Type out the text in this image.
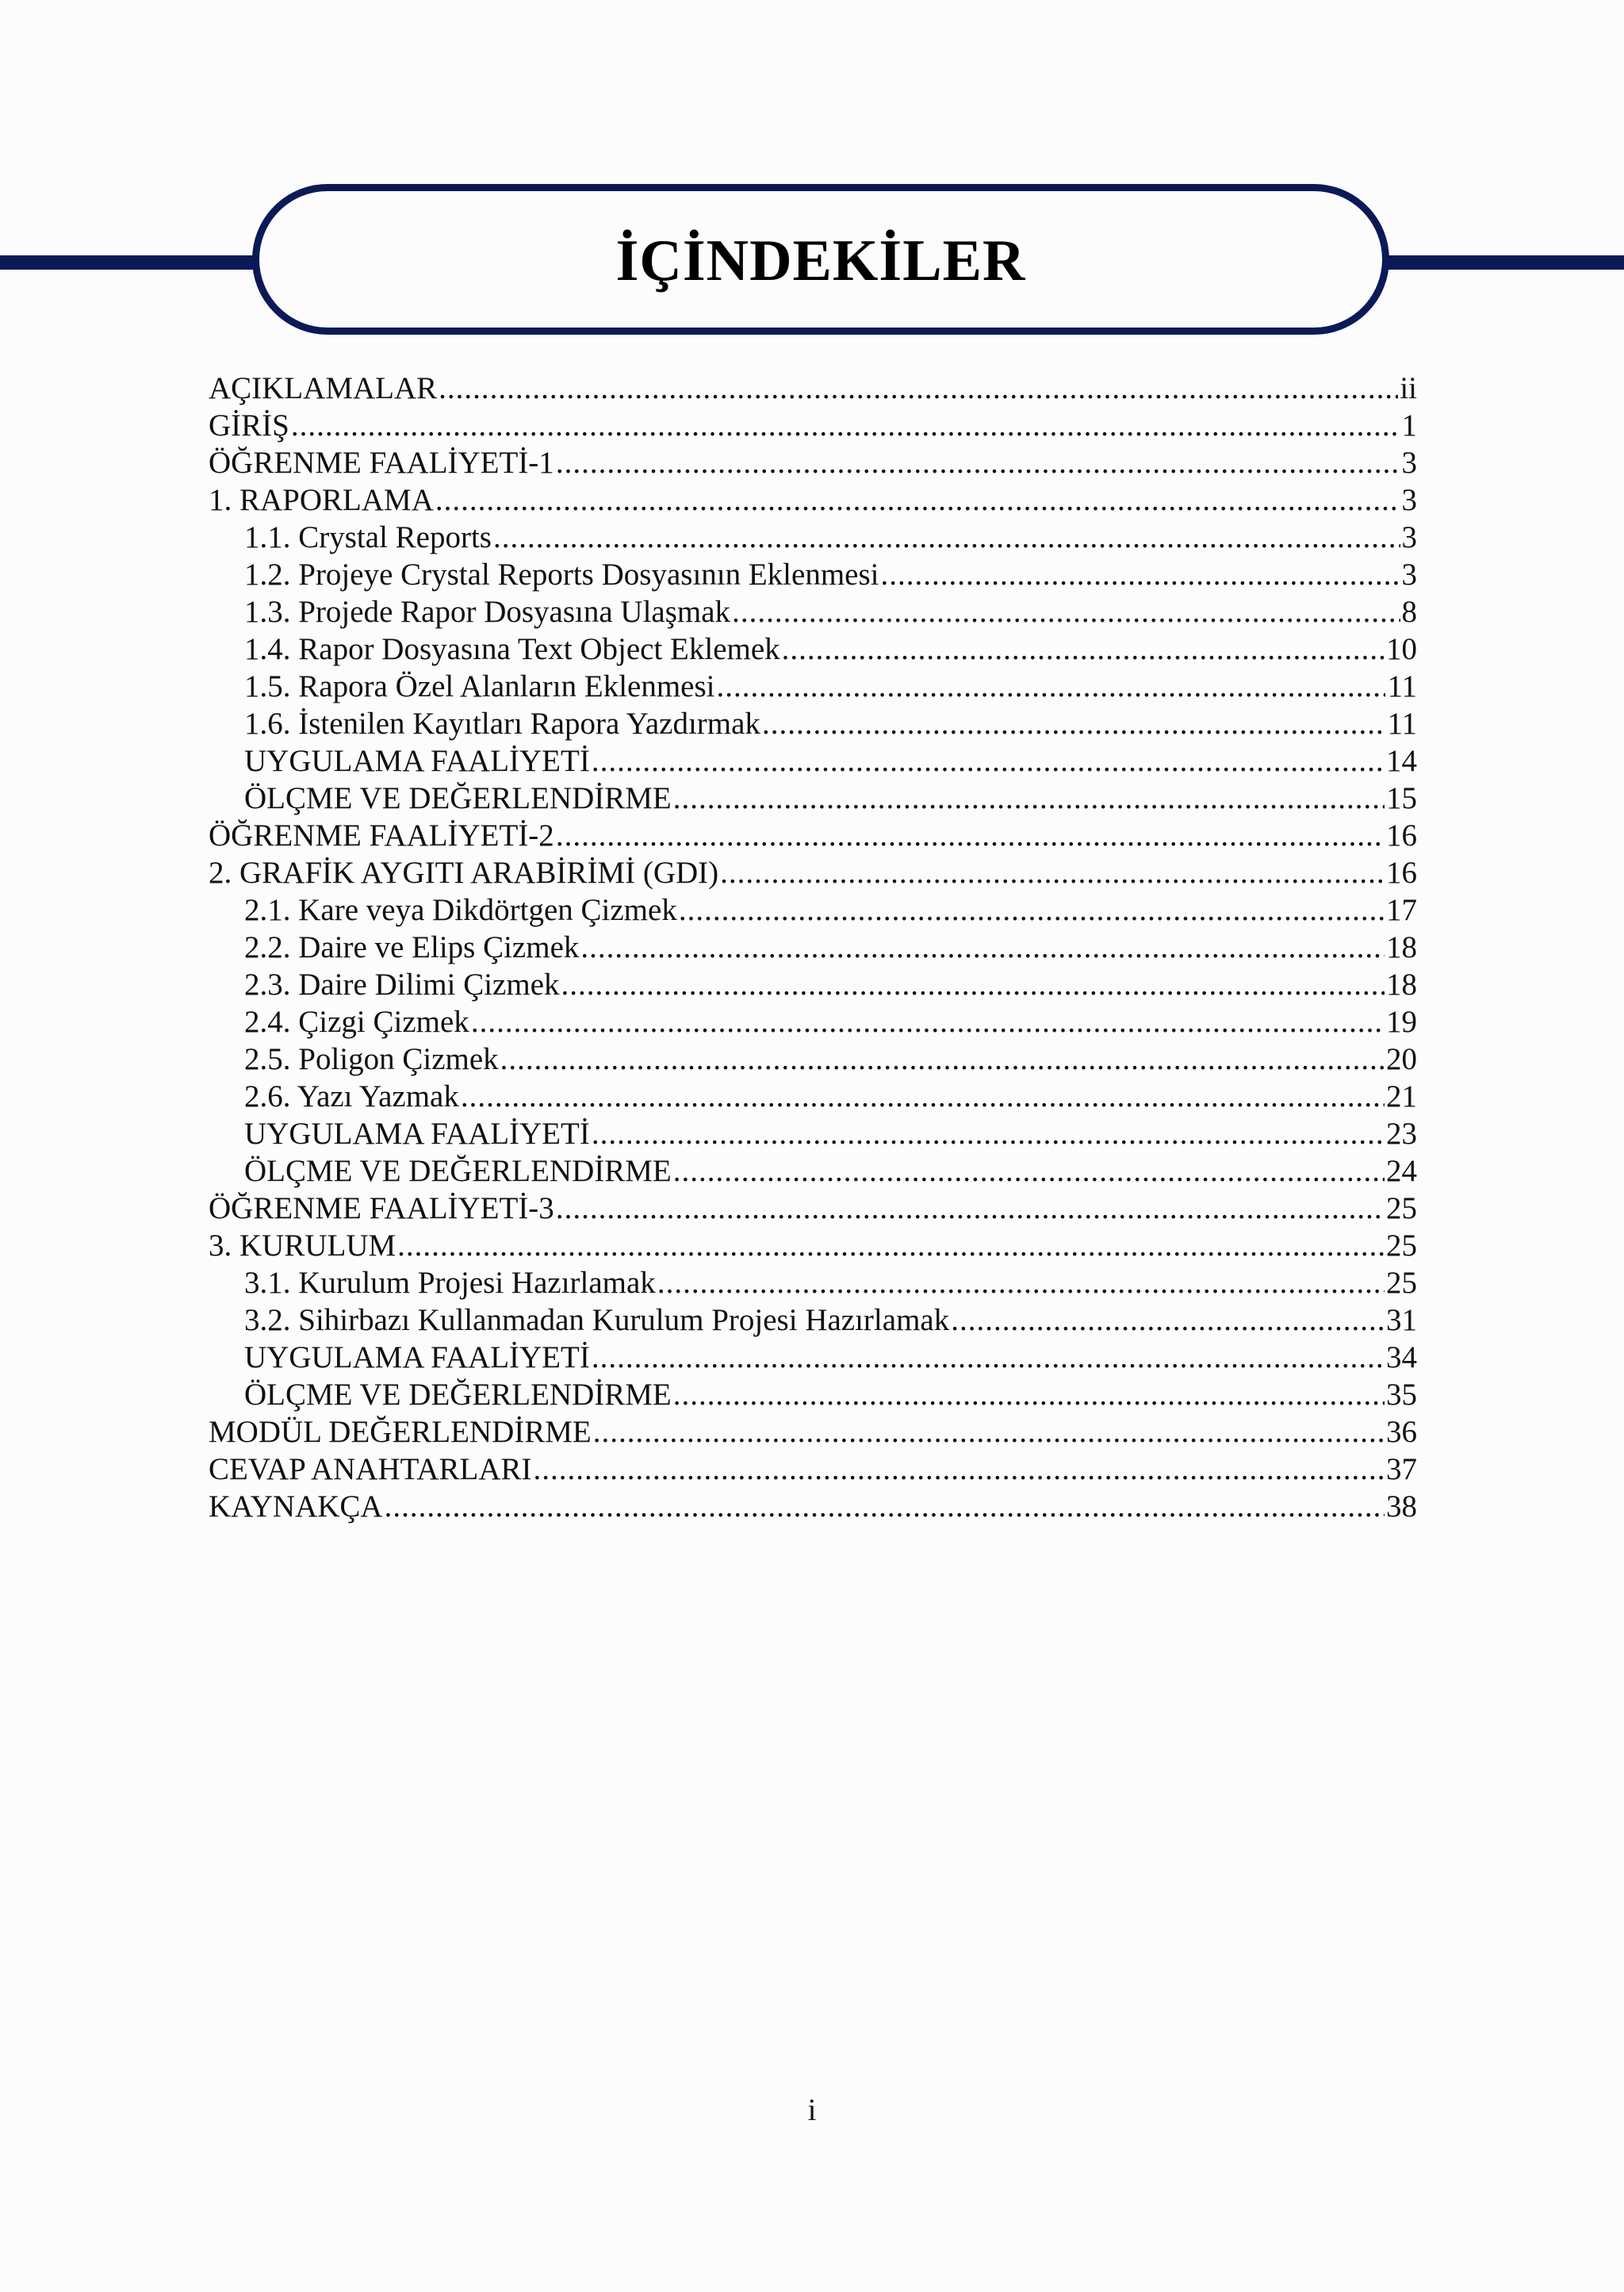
İÇİNDEKİLER
AÇIKLAMALAR .....	ii
GİRİŞ .....	1
ÖĞRENME FAALİYETİ-1 .....	3
1. RAPORLAMA .....	3
1.1. Crystal Reports .....	3
1.2. Projeye Crystal Reports Dosyasının Eklenmesi .....	3
1.3. Projede Rapor Dosyasına Ulaşmak .....	8
1.4. Rapor Dosyasına Text Object Eklemek .....	10
1.5. Rapora Özel Alanların Eklenmesi .....	11
1.6. İstenilen Kayıtları Rapora Yazdırmak .....	11
UYGULAMA FAALİYETİ .....	14
ÖLÇME VE DEĞERLENDİRME .....	15
ÖĞRENME FAALİYETİ-2 .....	16
2. GRAFİK AYGITI ARABİRİMİ (GDI) .....	16
2.1. Kare veya Dikdörtgen Çizmek .....	17
2.2. Daire ve Elips Çizmek .....	18
2.3. Daire Dilimi Çizmek .....	18
2.4. Çizgi Çizmek .....	19
2.5. Poligon Çizmek .....	20
2.6. Yazı Yazmak .....	21
UYGULAMA FAALİYETİ .....	23
ÖLÇME VE DEĞERLENDİRME .....	24
ÖĞRENME FAALİYETİ-3 .....	25
3. KURULUM .....	25
3.1. Kurulum Projesi Hazırlamak .....	25
3.2. Sihirbazı Kullanmadan Kurulum Projesi Hazırlamak .....	31
UYGULAMA FAALİYETİ .....	34
ÖLÇME VE DEĞERLENDİRME .....	35
MODÜL DEĞERLENDİRME .....	36
CEVAP ANAHTARLARI .....	37
KAYNAKÇA .....	38
i
